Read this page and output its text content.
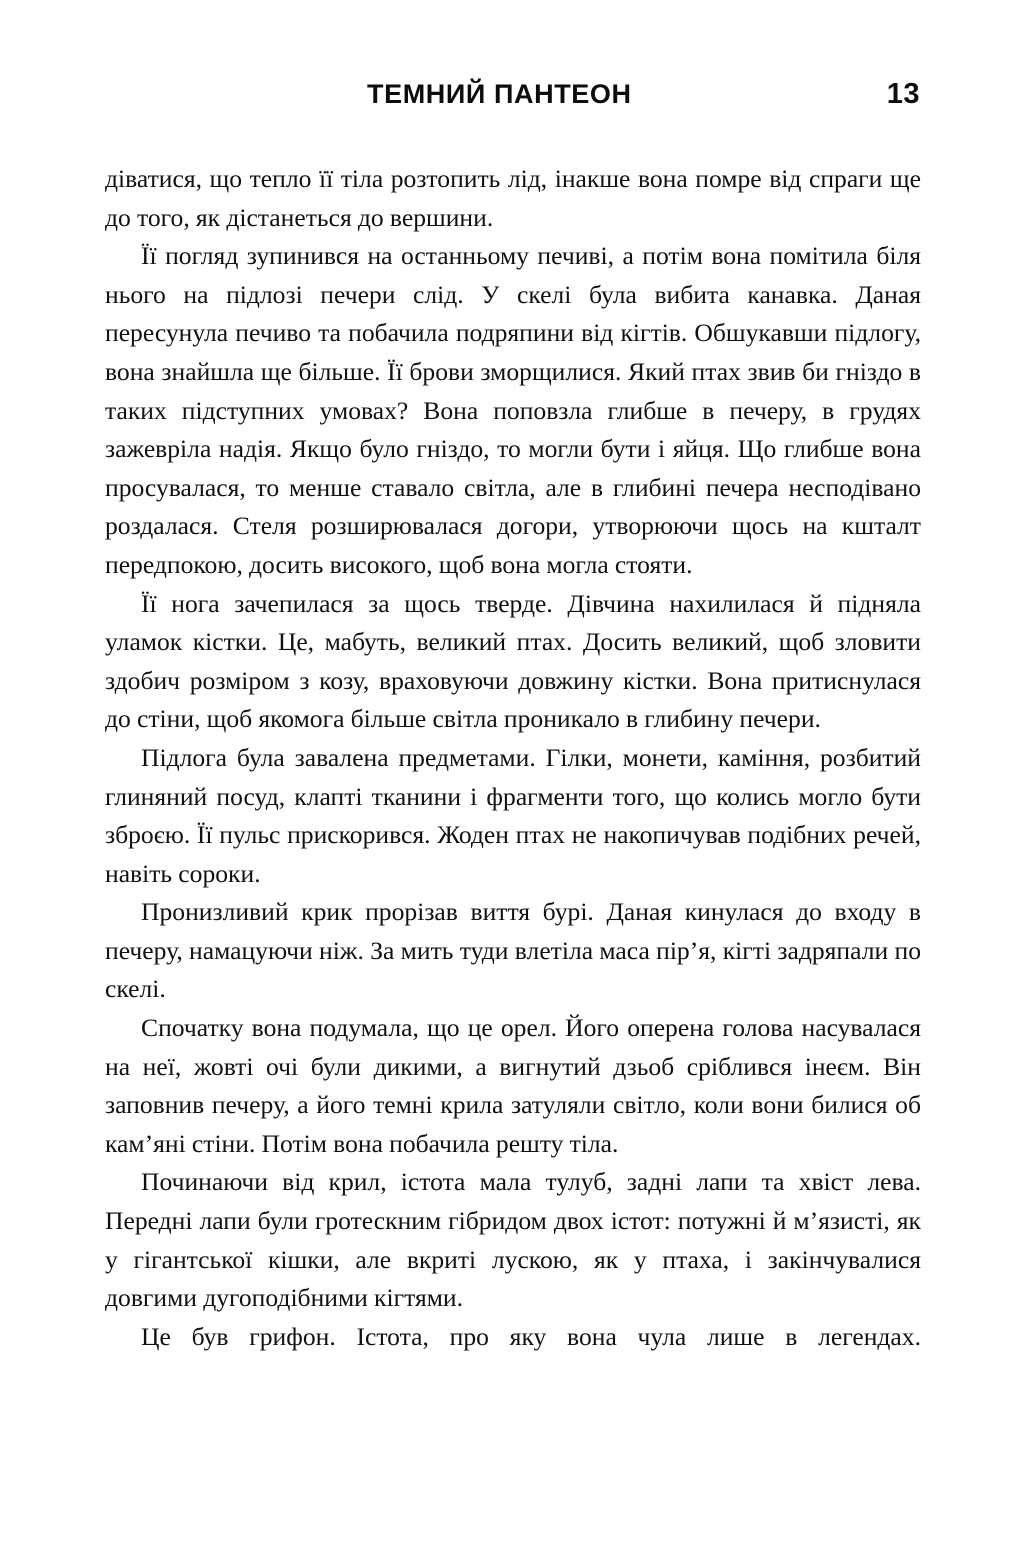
ТЕМНИЙ ПАНТЕОН	13

діватися, що тепло її тіла розтопить лід, інакше вона помре від спраги ще до того, як дістанеться до вершини.

Її погляд зупинився на останньому печиві, а потім вона помітила біля нього на підлозі печери слід. У скелі була вибита канавка. Даная пересунула печиво та побачила подряпини від кігтів. Обшукавши підлогу, вона знайшла ще більше. Її брови зморщилися. Який птах звив би гніздо в таких підступних умовах? Вона поповзла глибше в печеру, в грудях зажевріла надія. Якщо було гніздо, то могли бути і яйця. Що глибше вона просувалася, то менше ставало світла, але в глибині печера несподівано роздалася. Стеля розширювалася догори, утворюючи щось на кшталт передпокою, досить високого, щоб вона могла стояти.

Її нога зачепилася за щось тверде. Дівчина нахилилася й підняла уламок кістки. Це, мабуть, великий птах. Досить великий, щоб зловити здобич розміром з козу, враховуючи довжину кістки. Вона притиснулася до стіни, щоб якомога більше світла проникало в глибину печери.

Підлога була завалена предметами. Гілки, монети, каміння, розбитий глиняний посуд, клапті тканини і фрагменти того, що колись могло бути зброєю. Її пульс прискорився. Жоден птах не накопичував подібних речей, навіть сороки.

Пронизливий крик прорізав виття бурі. Даная кинулася до входу в печеру, намацуючи ніж. За мить туди влетіла маса пір’я, кігті задряпали по скелі.

Спочатку вона подумала, що це орел. Його оперена голова насувалася на неї, жовті очі були дикими, а вигнутий дзьоб срібливcя інеєм. Він заповнив печеру, а його темні крила затуляли світло, коли вони билися об кам’яні стіни. Потім вона побачила решту тіла.

Починаючи від крил, істота мала тулуб, задні лапи та хвіст лева. Передні лапи були гротескним гібридом двох істот: потужні й м’язисті, як у гігантської кішки, але вкриті лускою, як у птаха, і закінчувалися довгими дугоподібними кігтями.

Це був грифон. Істота, про яку вона чула лише в легендах.
